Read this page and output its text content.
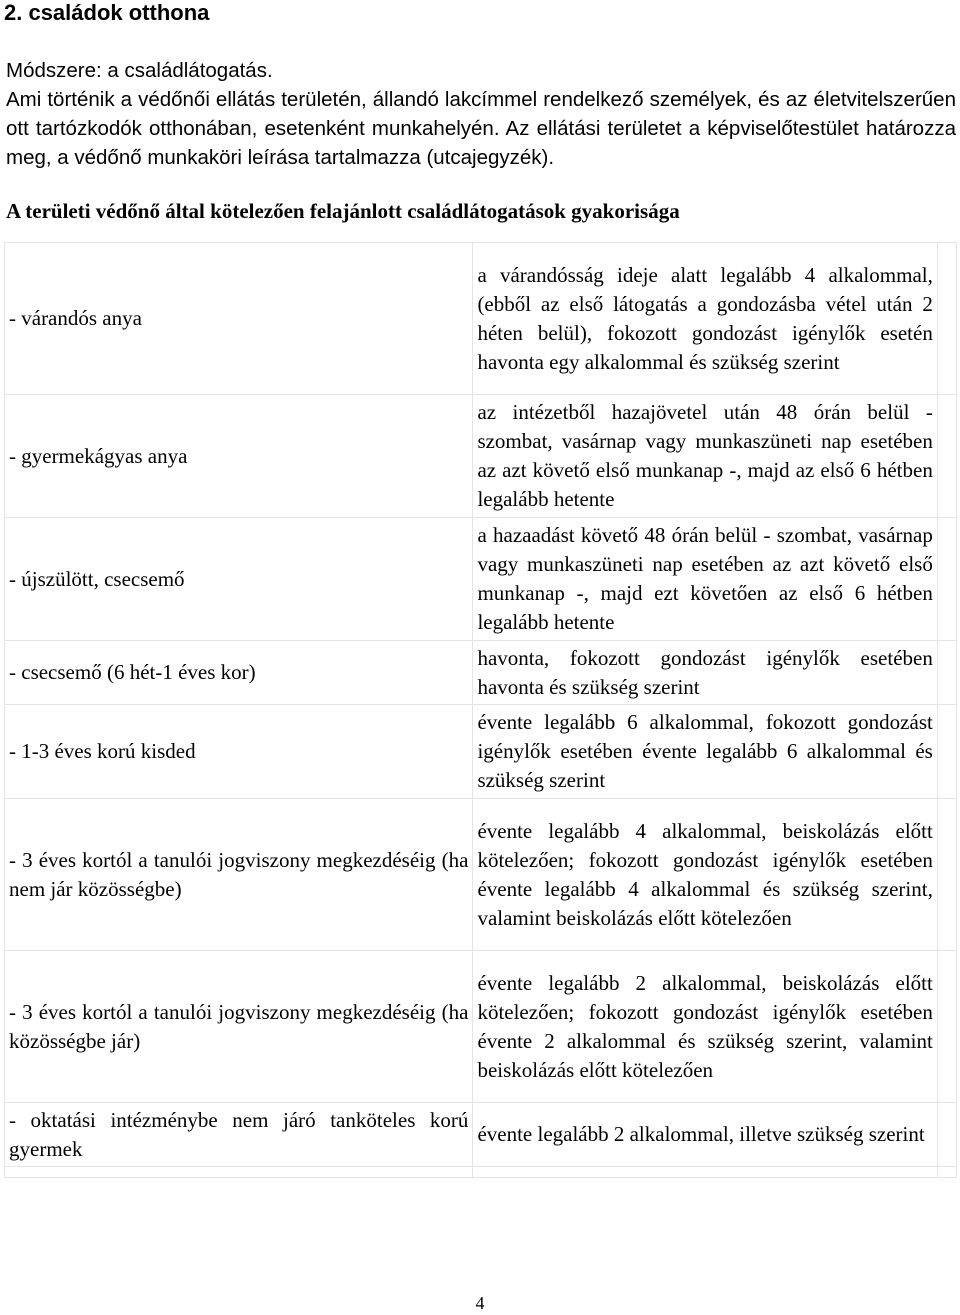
2. családok otthona

Módszere: a családlátogatás.

Ami történik a védőnői ellátás területén, állandó lakcímmel rendelkező személyek, és az életvitelszerűen ott tartózkodók otthonában, esetenként munkahelyén. Az ellátási területet a képviselőtestület határozza meg, a védőnő munkaköri leírása tartalmazza (utcajegyzék).

A területi védőnő által kötelezően felajánlott családlátogatások gyakorisága
- várandós anya	a várandósság ideje alatt legalább 4 alkalommal, (ebből az első látogatás a gondozásba vétel után 2 héten belül), fokozott gondozást igénylők esetén havonta egy alkalommal és szükség szerint	
- gyermekágyas anya	az intézetből hazajövetel után 48 órán belül - szombat, vasárnap vagy munkaszüneti nap esetében az azt követő első munkanap -, majd az első 6 hétben legalább hetente	
- újszülött, csecsemő	a hazaadást követő 48 órán belül - szombat, vasárnap vagy munkaszüneti nap esetében az azt követő első munkanap -, majd ezt követően az első 6 hétben legalább hetente	
- csecsemő (6 hét-1 éves kor)	havonta, fokozott gondozást igénylők esetében havonta és szükség szerint	
- 1-3 éves korú kisded	évente legalább 6 alkalommal, fokozott gondozást igénylők esetében évente legalább 6 alkalommal és szükség szerint	
- 3 éves kortól a tanulói jogviszony megkezdéséig (ha nem jár közösségbe)	évente legalább 4 alkalommal, beiskolázás előtt kötelezően; fokozott gondozást igénylők esetében évente legalább 4 alkalommal és szükség szerint, valamint beiskolázás előtt kötelezően	
- 3 éves kortól a tanulói jogviszony megkezdéséig (ha közösségbe jár)	évente legalább 2 alkalommal, beiskolázás előtt kötelezően; fokozott gondozást igénylők esetében évente 2 alkalommal és szükség szerint, valamint beiskolázás előtt kötelezően	
- oktatási intézménybe nem járó tanköteles korú gyermek	évente legalább 2 alkalommal, illetve szükség szerint	

4
